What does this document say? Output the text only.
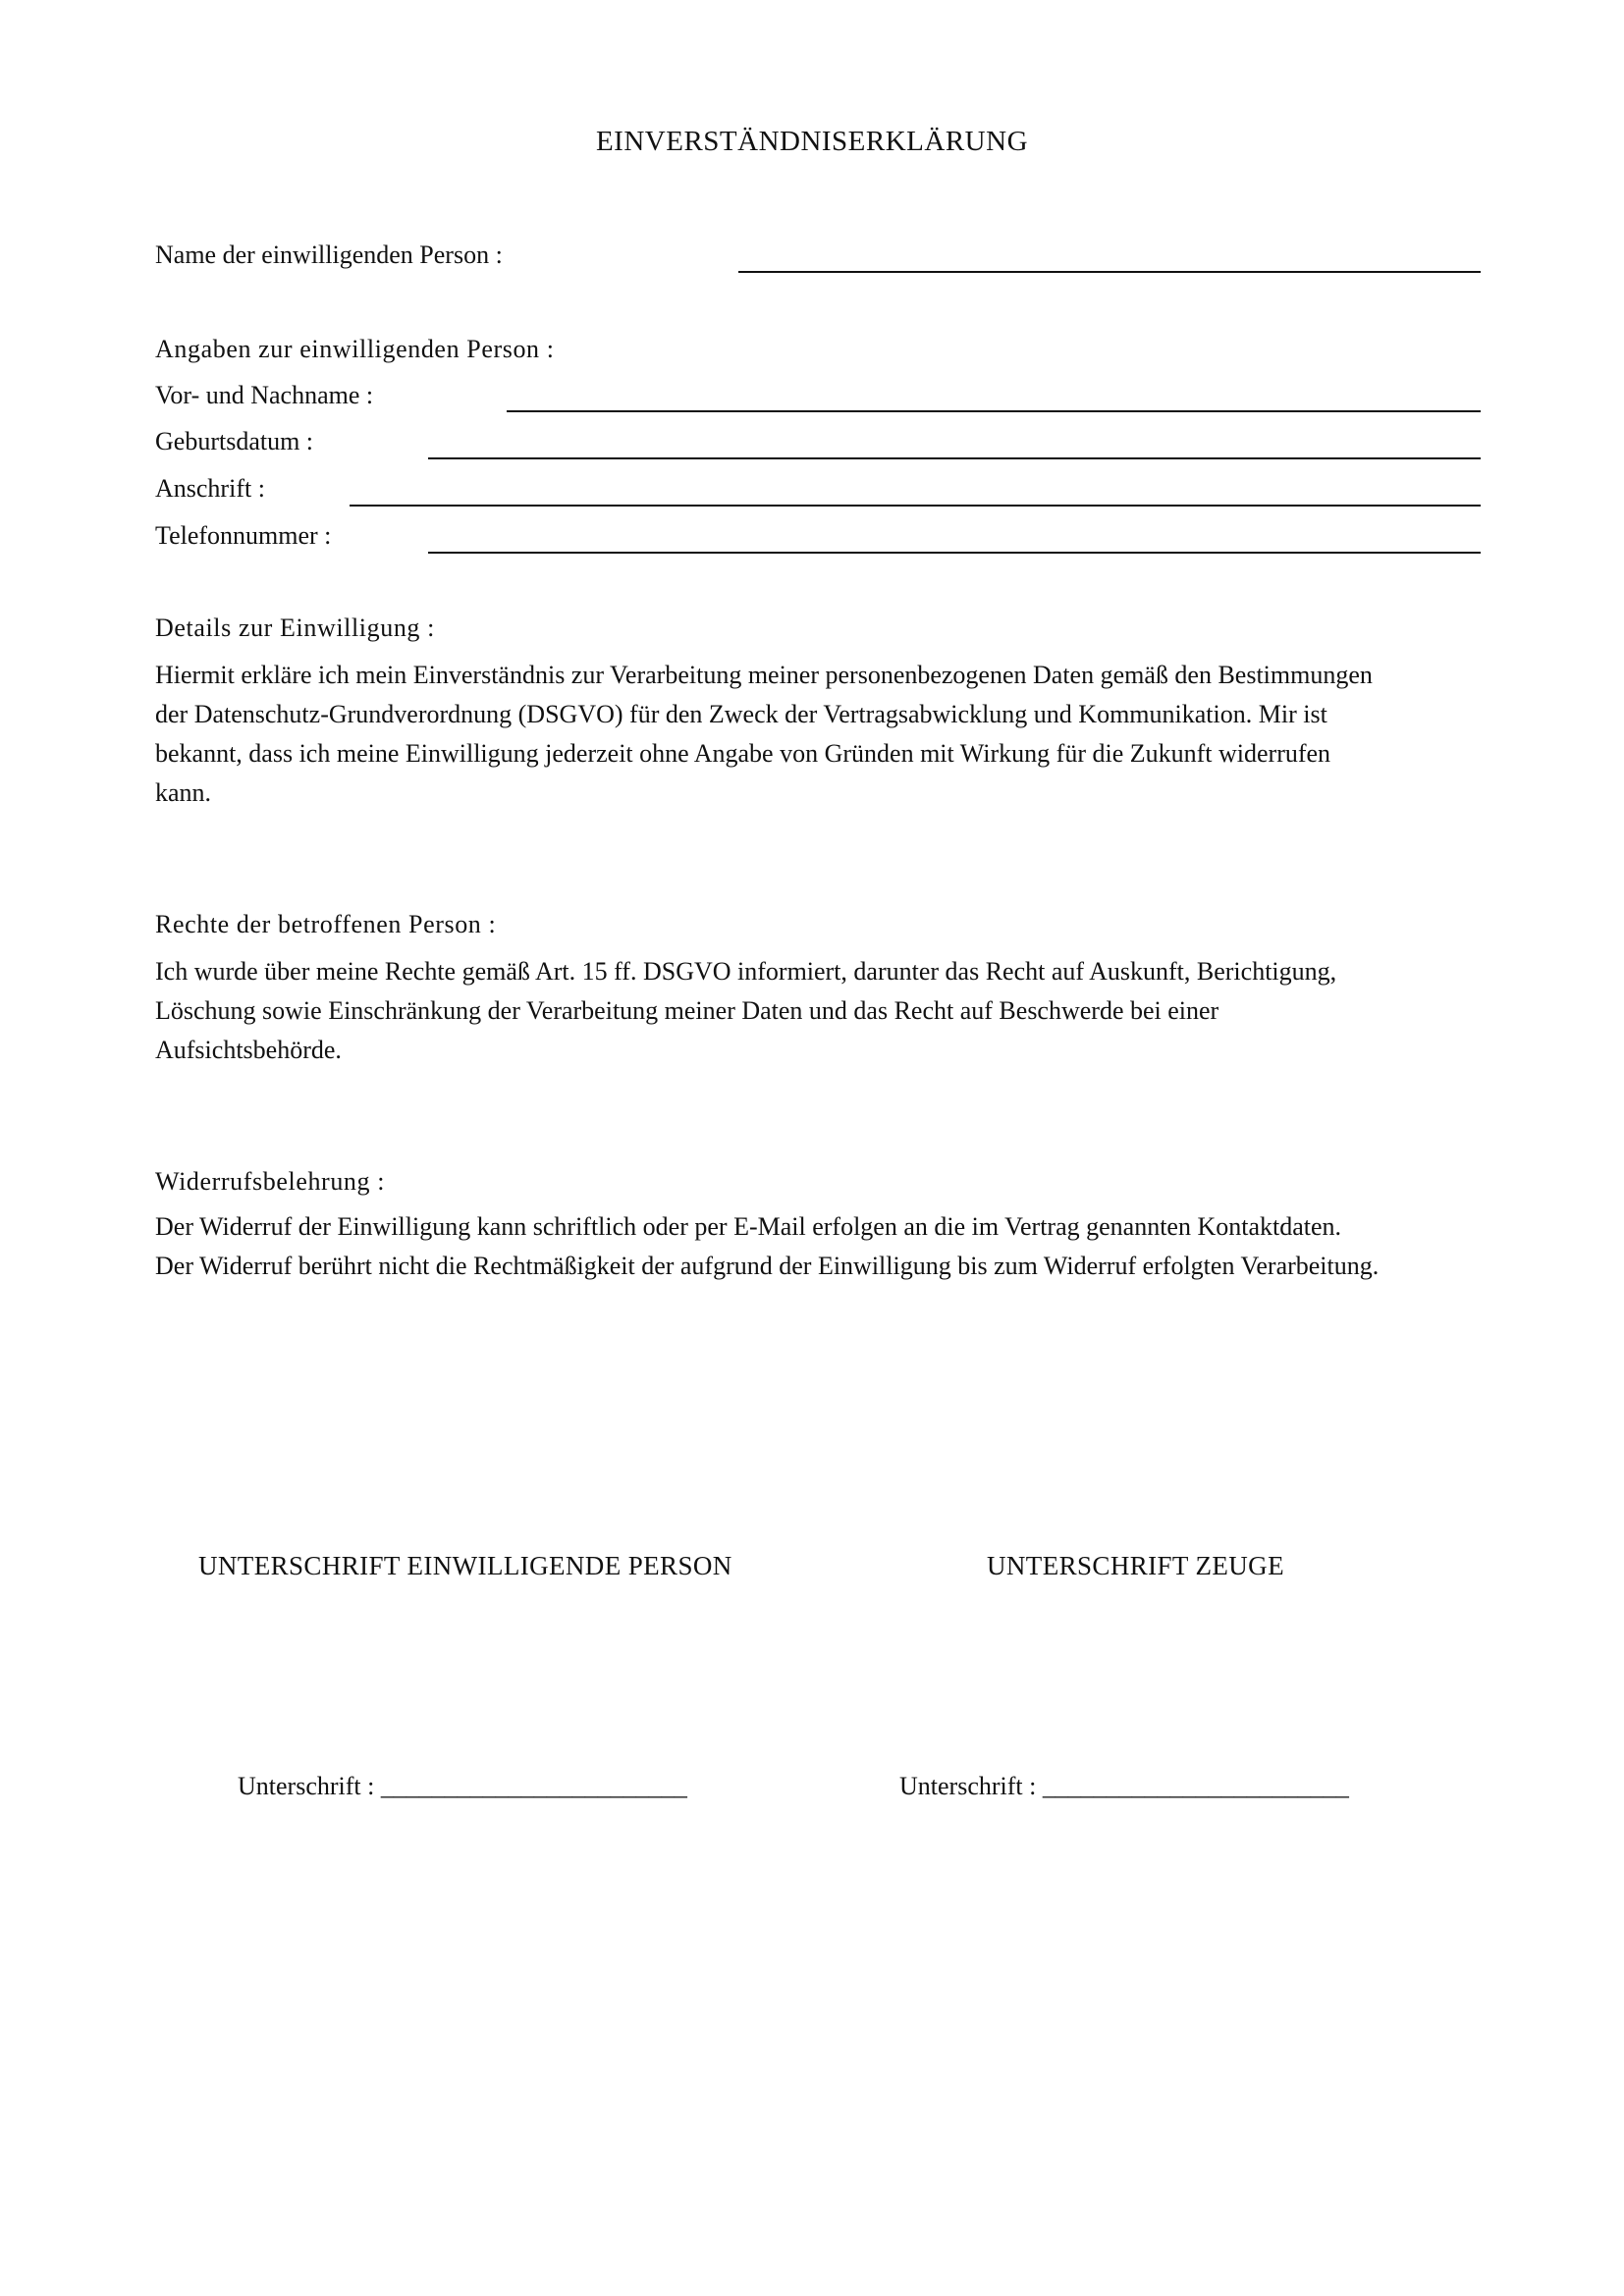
EINVERSTÄNDNISERKLÄRUNG
Name der einwilligenden Person :
Angaben zur einwilligenden Person :
Vor- und Nachname :
Geburtsdatum :
Anschrift :
Telefonnummer :
Details zur Einwilligung :
Hiermit erkläre ich mein Einverständnis zur Verarbeitung meiner personenbezogenen Daten gemäß den Bestimmungen
der Datenschutz-Grundverordnung (DSGVO) für den Zweck der Vertragsabwicklung und Kommunikation. Mir ist
bekannt, dass ich meine Einwilligung jederzeit ohne Angabe von Gründen mit Wirkung für die Zukunft widerrufen
kann.
Rechte der betroffenen Person :
Ich wurde über meine Rechte gemäß Art. 15 ff. DSGVO informiert, darunter das Recht auf Auskunft, Berichtigung,
Löschung sowie Einschränkung der Verarbeitung meiner Daten und das Recht auf Beschwerde bei einer
Aufsichtsbehörde.
Widerrufsbelehrung :
Der Widerruf der Einwilligung kann schriftlich oder per E-Mail erfolgen an die im Vertrag genannten Kontaktdaten.
Der Widerruf berührt nicht die Rechtmäßigkeit der aufgrund der Einwilligung bis zum Widerruf erfolgten Verarbeitung.
UNTERSCHRIFT EINWILLIGENDE PERSON	UNTERSCHRIFT ZEUGE
Unterschrift : ________________________	Unterschrift : ________________________
